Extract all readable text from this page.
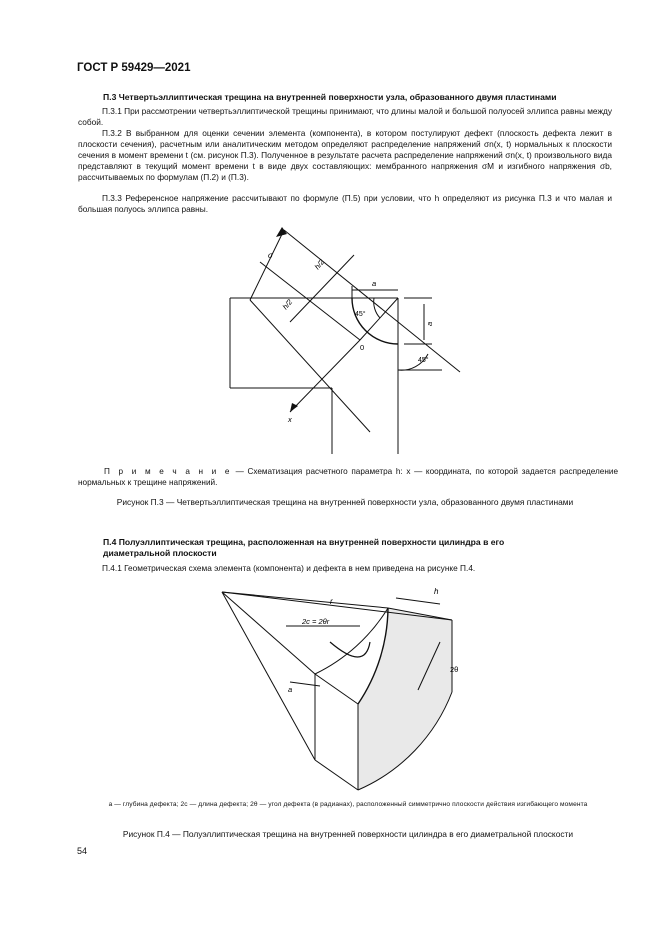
ГОСТ Р 59429—2021
П.3 Четвертьэллиптическая трещина на внутренней поверхности узла, образованного двумя пластинами
П.3.1 При рассмотрении четвертьэллиптической трещины принимают, что длины малой и большой полуосей эллипса равны между собой.
П.3.2 В выбранном для оценки сечении элемента (компонента), в котором постулируют дефект (плоскость дефекта лежит в плоскости сечения), расчетным или аналитическим методом определяют распределение напряжений σn(x, t) нормальных к плоскости сечения в момент времени t (см. рисунок П.3). Полученное в результате расчета распределение напряжений σn(x, t) произвольного вида представляют в текущий момент времени t в виде двух составляющих: мембранного напряжения σM и изгибного напряжения σb, рассчитываемых по формулам (П.2) и (П.3).
П.3.3 Референсное напряжение рассчитывают по формуле (П.5) при условии, что h определяют из рисунка П.3 и что малая и большая полуось эллипса равны.
σ
h/2
h/2
a
a
45°
45°
0
x
П р и м е ч а н и е — Схематизация расчетного параметра h: x — координата, по которой задается распределение нормальных к трещине напряжений.
Рисунок П.3 — Четвертьэллиптическая трещина на внутренней поверхности узла, образованного двумя пластинами
П.4 Полуэллиптическая трещина, расположенная на внутренней поверхности цилиндра в его диаметральной плоскости
П.4.1 Геометрическая схема элемента (компонента) и дефекта в нем приведена на рисунке П.4.
r
h
2c = 2θr
a
2θ
a — глубина дефекта; 2c — длина дефекта; 2θ — угол дефекта (в радианах), расположенный симметрично плоскости действия изгибающего момента
Рисунок П.4 — Полуэллиптическая трещина на внутренней поверхности цилиндра в его диаметральной плоскости
54
